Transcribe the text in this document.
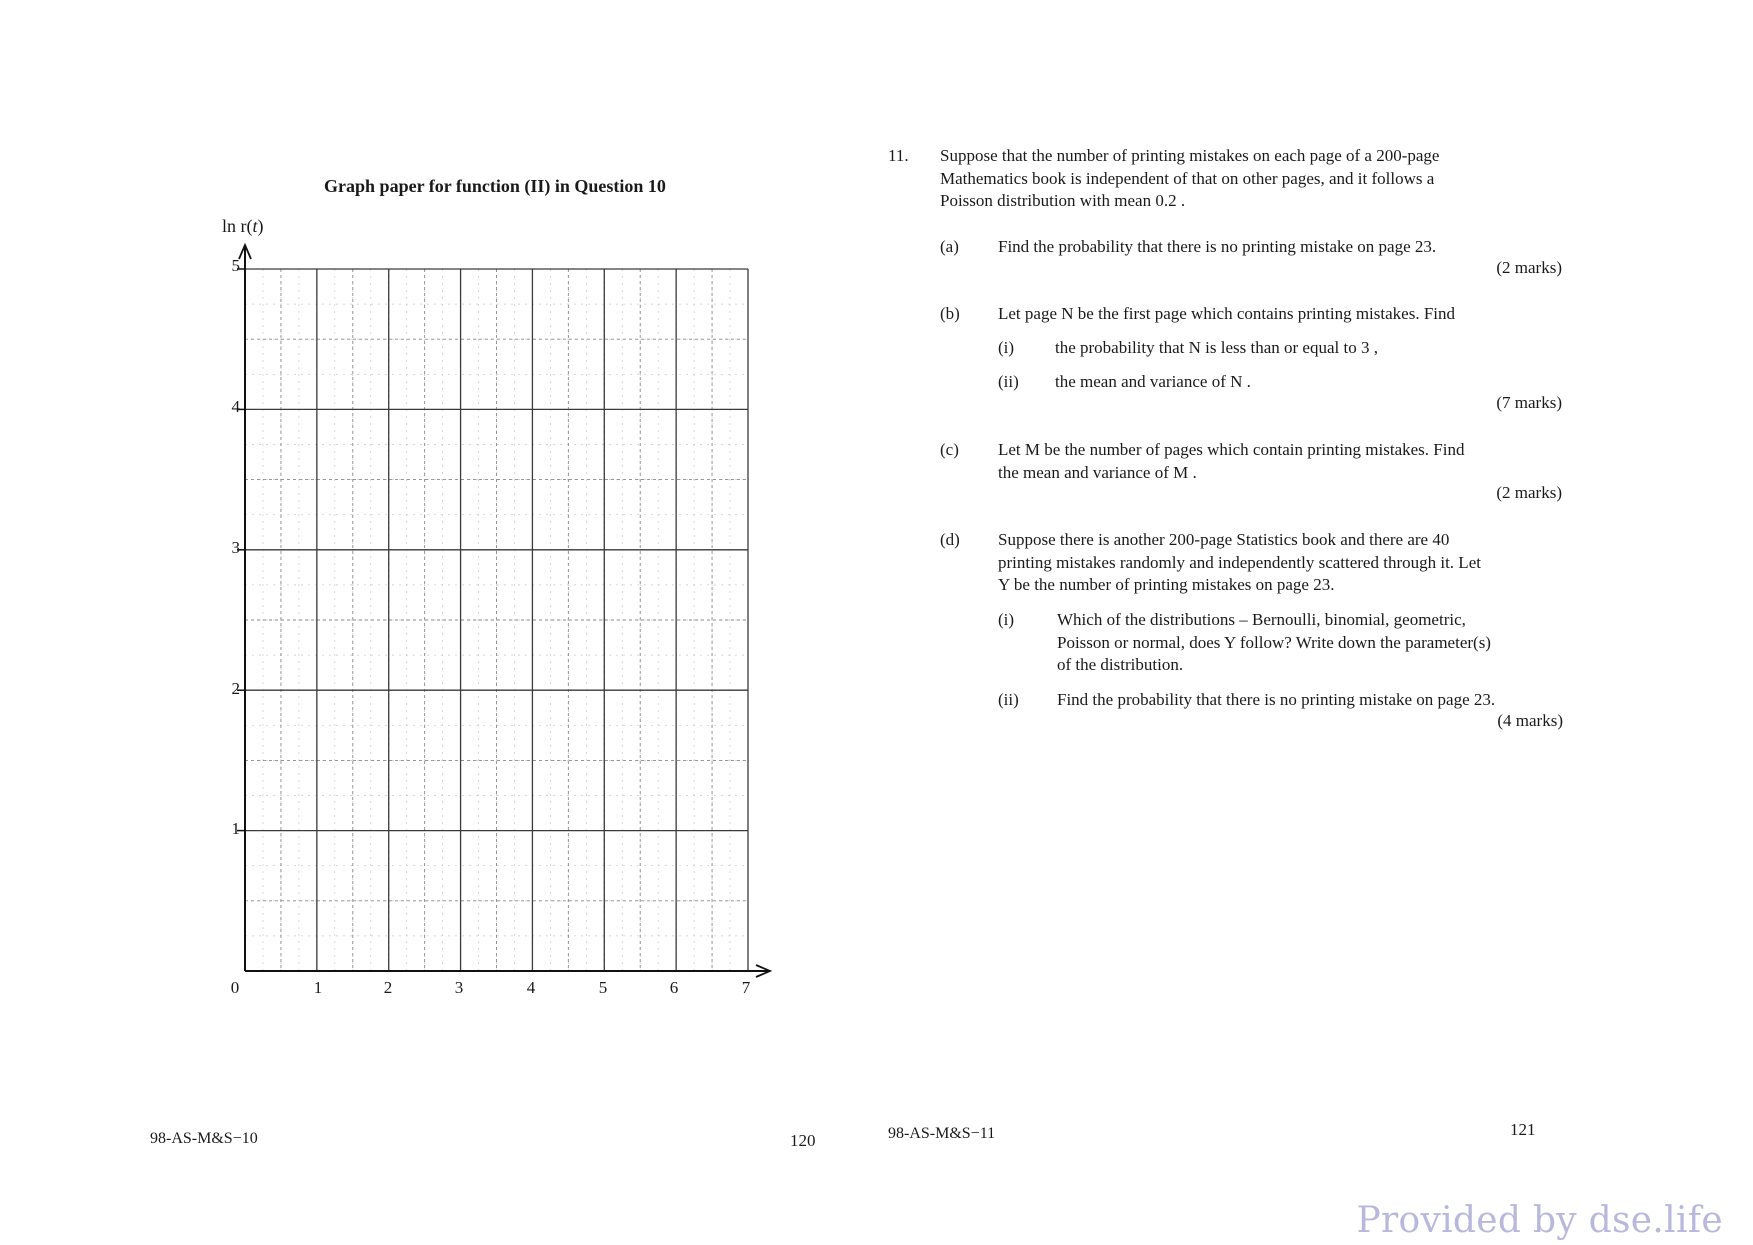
Graph paper for function (II) in Question 10
ln r(t)
5
4
3
2
1
0	1	2	3	4	5	6	7
98-AS-M&S−10	120
11. Suppose that the number of printing mistakes on each page of a 200-page
Mathematics book is independent of that on other pages, and it follows a
Poisson distribution with mean 0.2 .
(a) Find the probability that there is no printing mistake on page 23.
(2 marks)
(b) Let page N be the first page which contains printing mistakes. Find
(i) the probability that N is less than or equal to 3 ,
(ii) the mean and variance of N .
(7 marks)
(c) Let M be the number of pages which contain printing mistakes. Find
the mean and variance of M .
(2 marks)
(d) Suppose there is another 200-page Statistics book and there are 40
printing mistakes randomly and independently scattered through it. Let
Y be the number of printing mistakes on page 23.
(i)	Which of the distributions – Bernoulli, binomial, geometric,
Poisson or normal, does Y follow? Write down the parameter(s)
of the distribution.
(ii) Find the probability that there is no printing mistake on page 23.
(4 marks)
98-AS-M&S−11	121
Provided by dse.life
